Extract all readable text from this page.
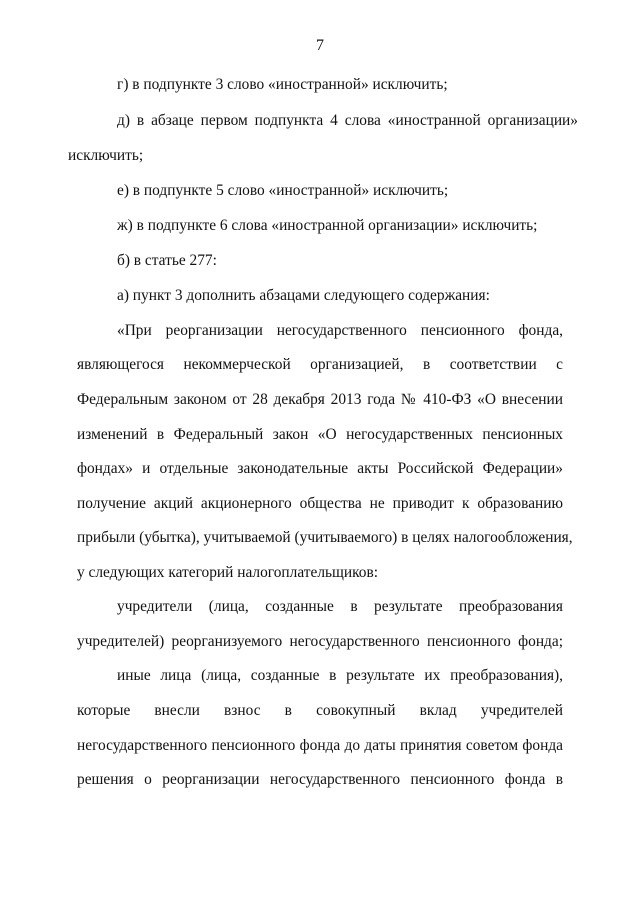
7
г) в подпункте 3 слово «иностранной» исключить;
д) в абзаце первом подпункта 4 слова «иностранной организации»
исключить;
е) в подпункте 5 слово «иностранной» исключить;
ж) в подпункте 6 слова «иностранной организации» исключить;
б) в статье 277:
а) пункт 3 дополнить абзацами следующего содержания:
«При реорганизации негосударственного пенсионного фонда,
являющегося некоммерческой организацией, в соответствии с
Федеральным законом от 28 декабря 2013 года № 410-ФЗ «О внесении
изменений в Федеральный закон «О негосударственных пенсионных
фондах» и отдельные законодательные акты Российской Федерации»
получение акций акционерного общества не приводит к образованию
прибыли (убытка), учитываемой (учитываемого) в целях налогообложения,
у следующих категорий налогоплательщиков:
учредители (лица, созданные в результате преобразования
учредителей) реорганизуемого негосударственного пенсионного фонда;
иные лица (лица, созданные в результате их преобразования),
которые внесли взнос в совокупный вклад учредителей
негосударственного пенсионного фонда до даты принятия советом фонда
решения о реорганизации негосударственного пенсионного фонда в
